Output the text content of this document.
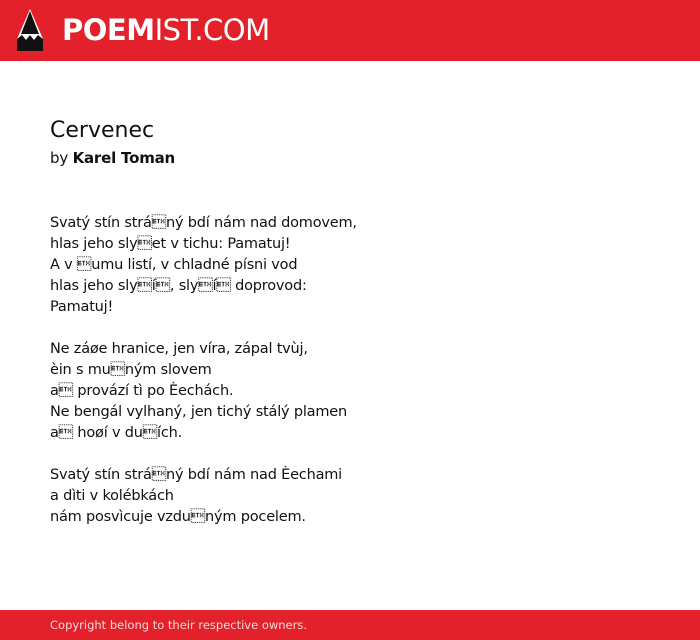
POEMIST.COM
Cervenec

by Karel Toman

Svatý stín stráný bdí nám nad domovem,
hlas jeho slyet v tichu: Pamatuj!
A v umu listí, v chladné písni vod
hlas jeho slyí, slyí doprovod:
Pamatuj!
Ne záøe hranice, jen víra, zápal tvùj,
èin s muným slovem
a provází tì po Èechách.
Ne bengál vylhaný, jen tichý stálý plamen
a hoøí v duích.
Svatý stín stráný bdí nám nad Èechami
a dìti v kolébkách
nám posvìcuje vzduným pocelem.
Copyright belong to their respective owners.
